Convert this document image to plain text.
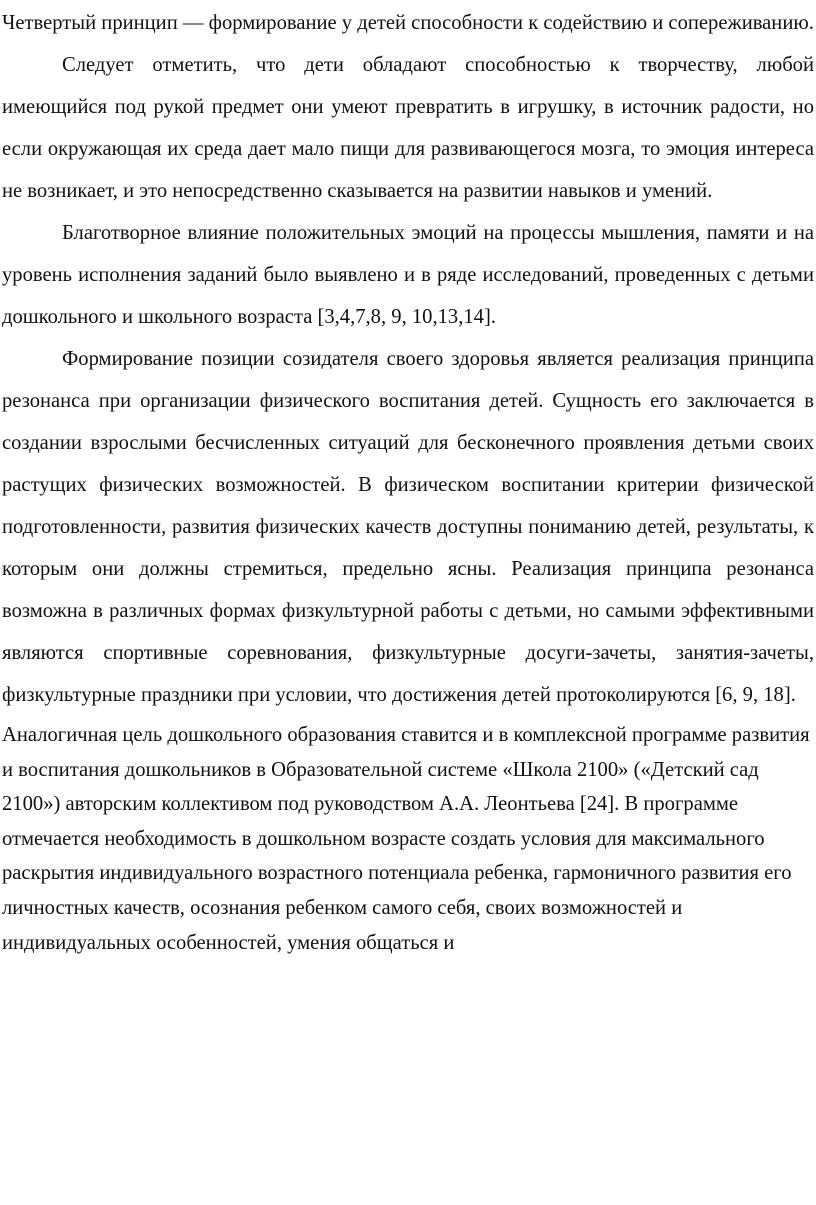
Четвертый принцип — формирование у детей способности к содействию и сопереживанию.

Следует отметить, что дети обладают способностью к творчеству, любой имеющийся под рукой предмет они умеют превратить в игрушку, в источник радости, но если окружающая их среда дает мало пищи для развивающегося мозга, то эмоция интереса не возникает, и это непосредственно сказывается на развитии навыков и умений.

Благотворное влияние положительных эмоций на процессы мышления, памяти и на уровень исполнения заданий было выявлено и в ряде исследований, проведенных с детьми дошкольного и школьного возраста [3,4,7,8, 9, 10,13,14].

Формирование позиции созидателя своего здоровья является реализация принципа резонанса при организации физического воспитания детей. Сущность его заключается в создании взрослыми бесчисленных ситуаций для бесконечного проявления детьми своих растущих физических возможностей. В физическом воспитании критерии физической подготовленности, развития физических качеств доступны пониманию детей, результаты, к которым они должны стремиться, предельно ясны. Реализация принципа резонанса возможна в различных формах физкультурной работы с детьми, но самыми эффективными являются спортивные соревнования, физкультурные досуги-зачеты, занятия-зачеты, физкультурные праздники при условии, что достижения детей протоколируются [6, 9, 18].

Аналогичная цель дошкольного образования ставится и в комплексной программе развития и воспитания дошкольников в Образовательной системе «Школа 2100» («Детский сад 2100») авторским коллективом под руководством А.А. Леонтьева [24]. В программе отмечается необходимость в дошкольном возрасте создать условия для максимального раскрытия индивидуального возрастного потенциала ребенка, гармоничного развития его личностных качеств, осознания ребенком самого себя, своих возможностей и индивидуальных особенностей, умения общаться и
